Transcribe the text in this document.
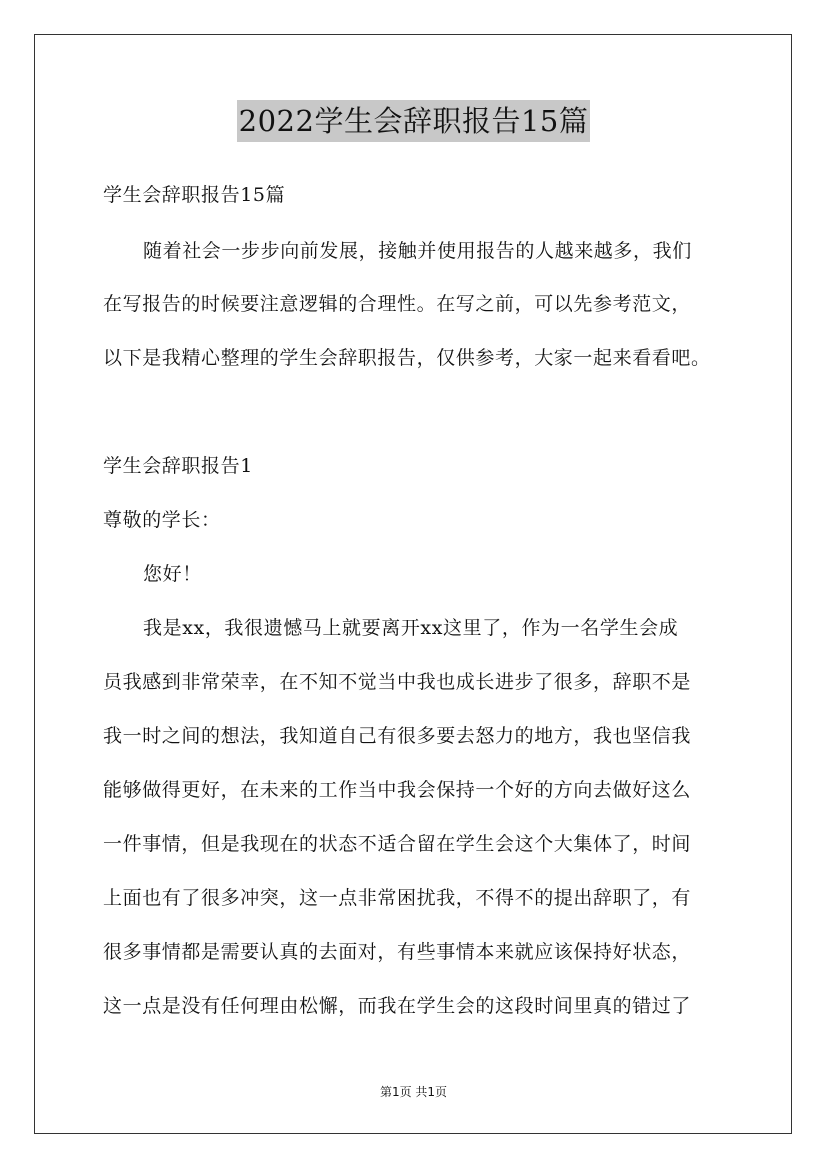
2022学生会辞职报告15篇
学生会辞职报告15篇
随着社会一步步向前发展，接触并使用报告的人越来越多，我们
在写报告的时候要注意逻辑的合理性。在写之前，可以先参考范文，
以下是我精心整理的学生会辞职报告，仅供参考，大家一起来看看吧。
学生会辞职报告1
尊敬的学长：
您好！
我是xx，我很遗憾马上就要离开xx这里了，作为一名学生会成
员我感到非常荣幸，在不知不觉当中我也成长进步了很多，辞职不是
我一时之间的想法，我知道自己有很多要去怒力的地方，我也坚信我
能够做得更好，在未来的工作当中我会保持一个好的方向去做好这么
一件事情，但是我现在的状态不适合留在学生会这个大集体了，时间
上面也有了很多冲突，这一点非常困扰我，不得不的提出辞职了，有
很多事情都是需要认真的去面对，有些事情本来就应该保持好状态，
这一点是没有任何理由松懈，而我在学生会的这段时间里真的错过了
第1页 共1页
